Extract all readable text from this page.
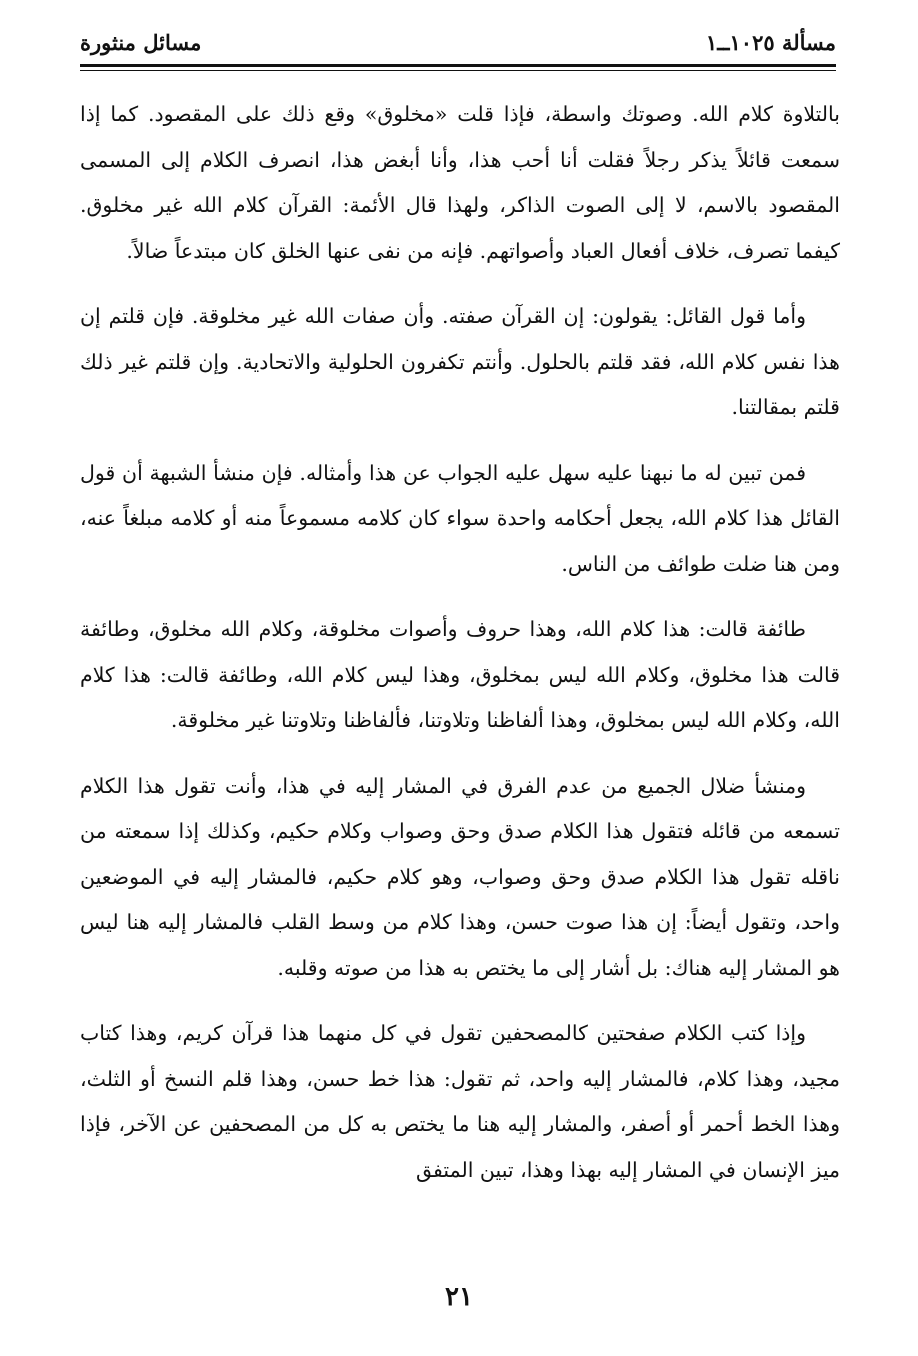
مسألة ١٠٢٥ــ١
مسائل منثورة

بالتلاوة كلام الله. وصوتك واسطة، فإذا قلت «مخلوق» وقع ذلك على المقصود. كما إذا سمعت قائلاً يذكر رجلاً فقلت أنا أحب هذا، وأنا أبغض هذا، انصرف الكلام إلى المسمى المقصود بالاسم، لا إلى الصوت الذاكر، ولهذا قال الأئمة: القرآن كلام الله غير مخلوق. كيفما تصرف، خلاف أفعال العباد وأصواتهم. فإنه من نفى عنها الخلق كان مبتدعاً ضالاً.

وأما قول القائل: يقولون: إن القرآن صفته. وأن صفات الله غير مخلوقة. فإن قلتم إن هذا نفس كلام الله، فقد قلتم بالحلول. وأنتم تكفرون الحلولية والاتحادية. وإن قلتم غير ذلك قلتم بمقالتنا.

فمن تبين له ما نبهنا عليه سهل عليه الجواب عن هذا وأمثاله. فإن منشأ الشبهة أن قول القائل هذا كلام الله، يجعل أحكامه واحدة سواء كان كلامه مسموعاً منه أو كلامه مبلغاً عنه، ومن هنا ضلت طوائف من الناس.

طائفة قالت: هذا كلام الله، وهذا حروف وأصوات مخلوقة، وكلام الله مخلوق، وطائفة قالت هذا مخلوق، وكلام الله ليس بمخلوق، وهذا ليس كلام الله، وطائفة قالت: هذا كلام الله، وكلام الله ليس بمخلوق، وهذا ألفاظنا وتلاوتنا، فألفاظنا وتلاوتنا غير مخلوقة.

ومنشأ ضلال الجميع من عدم الفرق في المشار إليه في هذا، وأنت تقول هذا الكلام تسمعه من قائله فتقول هذا الكلام صدق وحق وصواب وكلام حكيم، وكذلك إذا سمعته من ناقله تقول هذا الكلام صدق وحق وصواب، وهو كلام حكيم، فالمشار إليه في الموضعين واحد، وتقول أيضاً: إن هذا صوت حسن، وهذا كلام من وسط القلب فالمشار إليه هنا ليس هو المشار إليه هناك: بل أشار إلى ما يختص به هذا من صوته وقلبه.

وإذا كتب الكلام صفحتين كالمصحفين تقول في كل منهما هذا قرآن كريم، وهذا كتاب مجيد، وهذا كلام، فالمشار إليه واحد، ثم تقول: هذا خط حسن، وهذا قلم النسخ أو الثلث، وهذا الخط أحمر أو أصفر، والمشار إليه هنا ما يختص به كل من المصحفين عن الآخر، فإذا ميز الإنسان في المشار إليه بهذا وهذا، تبين المتفق

٢١
